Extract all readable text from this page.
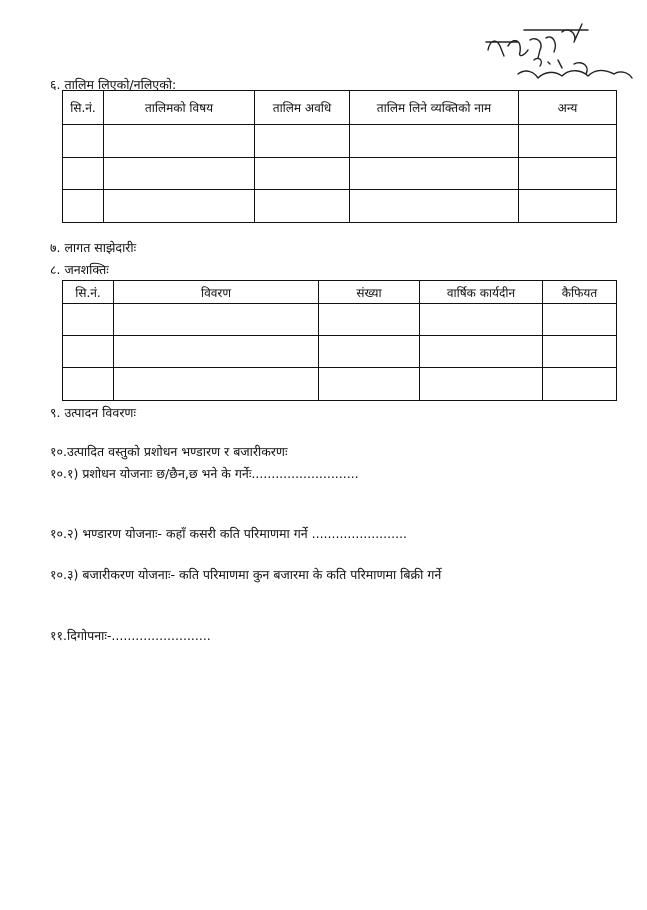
६. तालिम लिएको/नलिएको:
सि.नं.	तालिमको विषय	तालिम अवधि	तालिम लिने व्यक्तिको नाम	अन्य

७. लागत साझेदारीः
८. जनशक्तिः
सि.नं.	विवरण	संख्या	वार्षिक कार्यदीन	कैफियत

९. उत्पादन विवरणः
१०.उत्पादित वस्तुको प्रशोधन भण्डारण र बजारीकरणः
१०.१) प्रशोधन योजनाः छ/छैन,छ भने के गर्नेः...........................
१०.२) भण्डारण योजनाः- कहाँ कसरी कति परिमाणमा गर्ने ........................
१०.३) बजारीकरण योजनाः- कति परिमाणमा कुन बजारमा के कति परिमाणमा बिक्री गर्ने
११.दिगोपनाः-.........................
